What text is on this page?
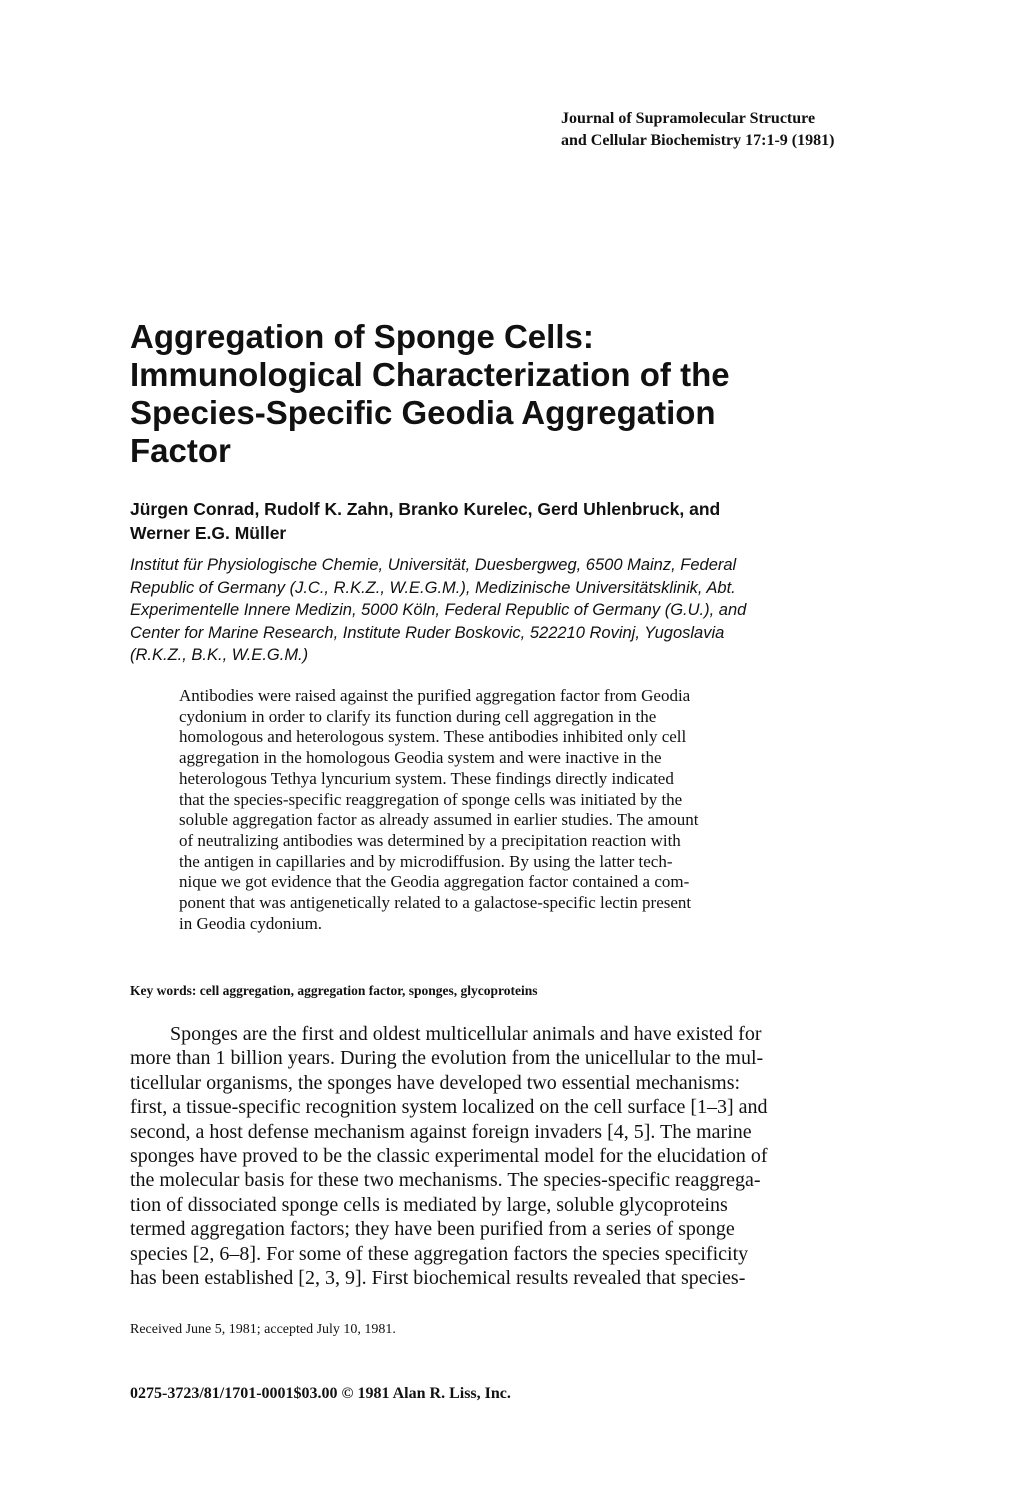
Journal of Supramolecular Structure
and Cellular Biochemistry 17:1-9 (1981)
Aggregation of Sponge Cells:
Immunological Characterization of the
Species-Specific Geodia Aggregation
Factor
Jürgen Conrad, Rudolf K. Zahn, Branko Kurelec, Gerd Uhlenbruck, and
Werner E.G. Müller
Institut für Physiologische Chemie, Universität, Duesbergweg, 6500 Mainz, Federal
Republic of Germany (J.C., R.K.Z., W.E.G.M.), Medizinische Universitätsklinik, Abt.
Experimentelle Innere Medizin, 5000 Köln, Federal Republic of Germany (G.U.), and
Center for Marine Research, Institute Ruder Boskovic, 522210 Rovinj, Yugoslavia
(R.K.Z., B.K., W.E.G.M.)
Antibodies were raised against the purified aggregation factor from Geodia
cydonium in order to clarify its function during cell aggregation in the
homologous and heterologous system. These antibodies inhibited only cell
aggregation in the homologous Geodia system and were inactive in the
heterologous Tethya lyncurium system. These findings directly indicated
that the species-specific reaggregation of sponge cells was initiated by the
soluble aggregation factor as already assumed in earlier studies. The amount
of neutralizing antibodies was determined by a precipitation reaction with
the antigen in capillaries and by microdiffusion. By using the latter tech-
nique we got evidence that the Geodia aggregation factor contained a com-
ponent that was antigenetically related to a galactose-specific lectin present
in Geodia cydonium.
Key words: cell aggregation, aggregation factor, sponges, glycoproteins
Sponges are the first and oldest multicellular animals and have existed for
more than 1 billion years. During the evolution from the unicellular to the mul-
ticellular organisms, the sponges have developed two essential mechanisms:
first, a tissue-specific recognition system localized on the cell surface [1–3] and
second, a host defense mechanism against foreign invaders [4, 5]. The marine
sponges have proved to be the classic experimental model for the elucidation of
the molecular basis for these two mechanisms. The species-specific reaggrega-
tion of dissociated sponge cells is mediated by large, soluble glycoproteins
termed aggregation factors; they have been purified from a series of sponge
species [2, 6–8]. For some of these aggregation factors the species specificity
has been established [2, 3, 9]. First biochemical results revealed that species-
Received June 5, 1981; accepted July 10, 1981.
0275-3723/81/1701-0001$03.00 © 1981 Alan R. Liss, Inc.
